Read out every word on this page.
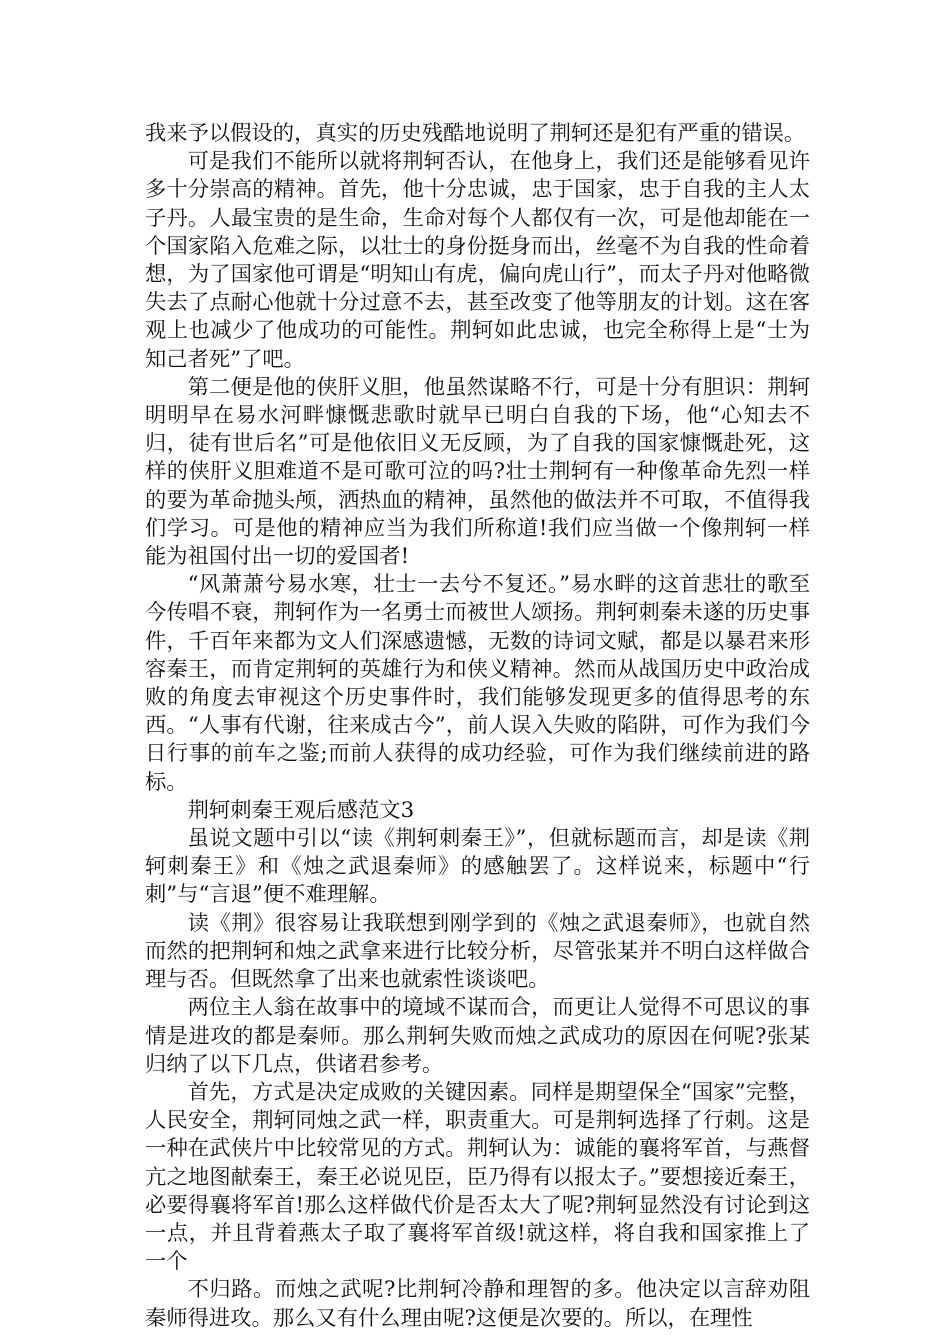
我来予以假设的，真实的历史残酷地说明了荆轲还是犯有严重的错误。

可是我们不能所以就将荆轲否认，在他身上，我们还是能够看见许多十分崇高的精神。首先，他十分忠诚，忠于国家，忠于自我的主人太子丹。人最宝贵的是生命，生命对每个人都仅有一次，可是他却能在一个国家陷入危难之际，以壮士的身份挺身而出，丝毫不为自我的性命着想，为了国家他可谓是“明知山有虎，偏向虎山行”，而太子丹对他略微失去了点耐心他就十分过意不去，甚至改变了他等朋友的计划。这在客观上也减少了他成功的可能性。荆轲如此忠诚，也完全称得上是“士为知己者死”了吧。

第二便是他的侠肝义胆，他虽然谋略不行，可是十分有胆识：荆轲明明早在易水河畔慷慨悲歌时就早已明白自我的下场，他“心知去不归，徒有世后名”可是他依旧义无反顾，为了自我的国家慷慨赴死，这样的侠肝义胆难道不是可歌可泣的吗?壮士荆轲有一种像革命先烈一样的要为革命抛头颅，洒热血的精神，虽然他的做法并不可取，不值得我们学习。可是他的精神应当为我们所称道!我们应当做一个像荆轲一样能为祖国付出一切的爱国者!

“风萧萧兮易水寒，壮士一去兮不复还。”易水畔的这首悲壮的歌至今传唱不衰，荆轲作为一名勇士而被世人颂扬。荆轲刺秦未遂的历史事件，千百年来都为文人们深感遗憾，无数的诗词文赋，都是以暴君来形容秦王，而肯定荆轲的英雄行为和侠义精神。然而从战国历史中政治成败的角度去审视这个历史事件时，我们能够发现更多的值得思考的东西。“人事有代谢，往来成古今”，前人误入失败的陷阱，可作为我们今日行事的前车之鉴;而前人获得的成功经验，可作为我们继续前进的路标。

荆轲刺秦王观后感范文3

虽说文题中引以“读《荆轲刺秦王》”，但就标题而言，却是读《荆轲刺秦王》和《烛之武退秦师》的感触罢了。这样说来，标题中“行刺”与“言退”便不难理解。

读《荆》很容易让我联想到刚学到的《烛之武退秦师》，也就自然而然的把荆轲和烛之武拿来进行比较分析，尽管张某并不明白这样做合理与否。但既然拿了出来也就索性谈谈吧。

两位主人翁在故事中的境域不谋而合，而更让人觉得不可思议的事情是进攻的都是秦师。那么荆轲失败而烛之武成功的原因在何呢?张某归纳了以下几点，供诸君参考。

首先，方式是决定成败的关键因素。同样是期望保全“国家”完整，人民安全，荆轲同烛之武一样，职责重大。可是荆轲选择了行刺。这是一种在武侠片中比较常见的方式。荆轲认为：诚能的襄将军首，与燕督亢之地图献秦王，秦王必说见臣，臣乃得有以报太子。”要想接近秦王，必要得襄将军首!那么这样做代价是否太大了呢?荆轲显然没有讨论到这一点，并且背着燕太子取了襄将军首级!就这样，将自我和国家推上了一个

不归路。而烛之武呢?比荆轲冷静和理智的多。他决定以言辞劝阻秦师得进攻。那么又有什么理由呢?这便是次要的。所以，在理性
